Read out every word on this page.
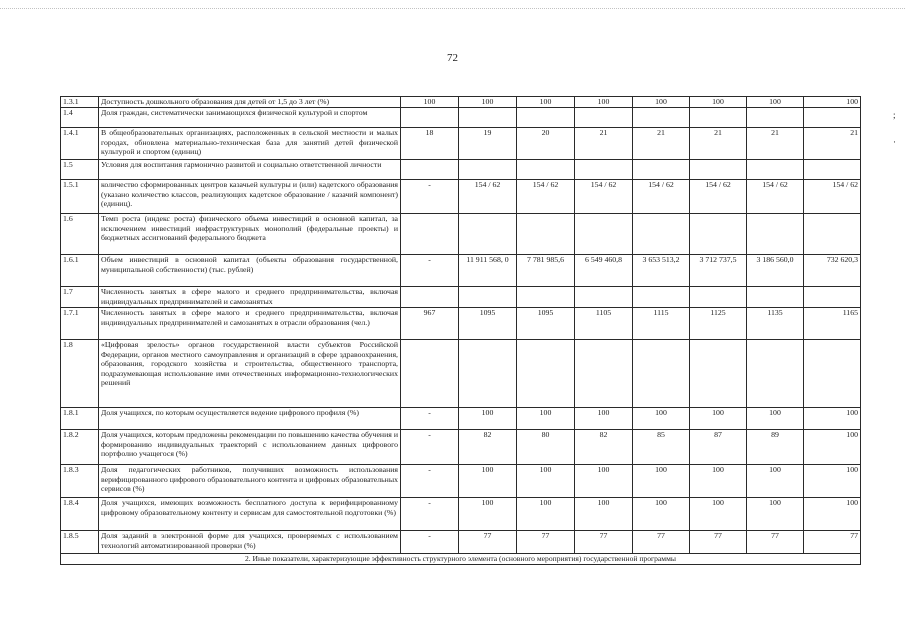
72
1.3.1	Доступность дошкольного образования для детей от 1,5 до 3 лет (%)	100	100	100	100	100	100	100	100
1.4	Доля граждан, систематически занимающихся физической культурой и спортом								
1.4.1	В общеобразовательных организациях, расположенных в сельской местности и малых городах, обновлена материально-техническая база для занятий детей физической культурой и спортом (единиц)	18	19	20	21	21	21	21	21
1.5	Условия для воспитания гармонично развитой и социально ответственной личности								
1.5.1	количество сформированных центров казачьей культуры и (или) кадетского образования (указано количество классов, реализующих кадетское образование / казачий компонент) (единиц).	-	154 / 62	154 / 62	154 / 62	154 / 62	154 / 62	154 / 62	154 / 62
1.6	Темп роста (индекс роста) физического объема инвестиций в основной капитал, за исключением инвестиций инфраструктурных монополий (федеральные проекты) и бюджетных ассигнований федерального бюджета								
1.6.1	Объем инвестиций в основной капитал (объекты образования государственной, муниципальной собственности) (тыс. рублей)	-	11 911 568, 0	7 781 985,6	6 549 460,8	3 653 513,2	3 712 737,5	3 186 560,0	732 620,3
1.7	Численность занятых в сфере малого и среднего предпринимательства, включая индивидуальных предпринимателей и самозанятых								
1.7.1	Численность занятых в сфере малого и среднего предпринимательства, включая индивидуальных предпринимателей и самозанятых в отрасли образования (чел.)	967	1095	1095	1105	1115	1125	1135	1165
1.8	«Цифровая зрелость» органов государственной власти субъектов Российской Федерации, органов местного самоуправления и организаций в сфере здравоохранения, образования, городского хозяйства и строительства, общественного транспорта, подразумевающая использование ими отечественных информационно-технологических решений								
1.8.1	Доля учащихся, по которым осуществляется ведение цифрового профиля (%)	-	100	100	100	100	100	100	100
1.8.2	Доля учащихся, которым предложены рекомендации по повышению качества обучения и формированию индивидуальных траекторий с использованием данных цифрового портфолио учащегося (%)	-	82	80	82	85	87	89	100
1.8.3	Доля педагогических работников, получивших возможность использования верифицированного цифрового образовательного контента и цифровых образовательных сервисов (%)	-	100	100	100	100	100	100	100
1.8.4	Доля учащихся, имеющих возможность бесплатного доступа к верифицированному цифровому образовательному контенту и сервисам для самостоятельной подготовки (%)	-	100	100	100	100	100	100	100
1.8.5	Доля заданий в электронной форме для учащихся, проверяемых с использованием технологий автоматизированной проверки (%)	-	77	77	77	77	77	77	77
2. Иные показатели, характеризующие эффективность структурного элемента (основного мероприятия) государственной программы									
;
·
